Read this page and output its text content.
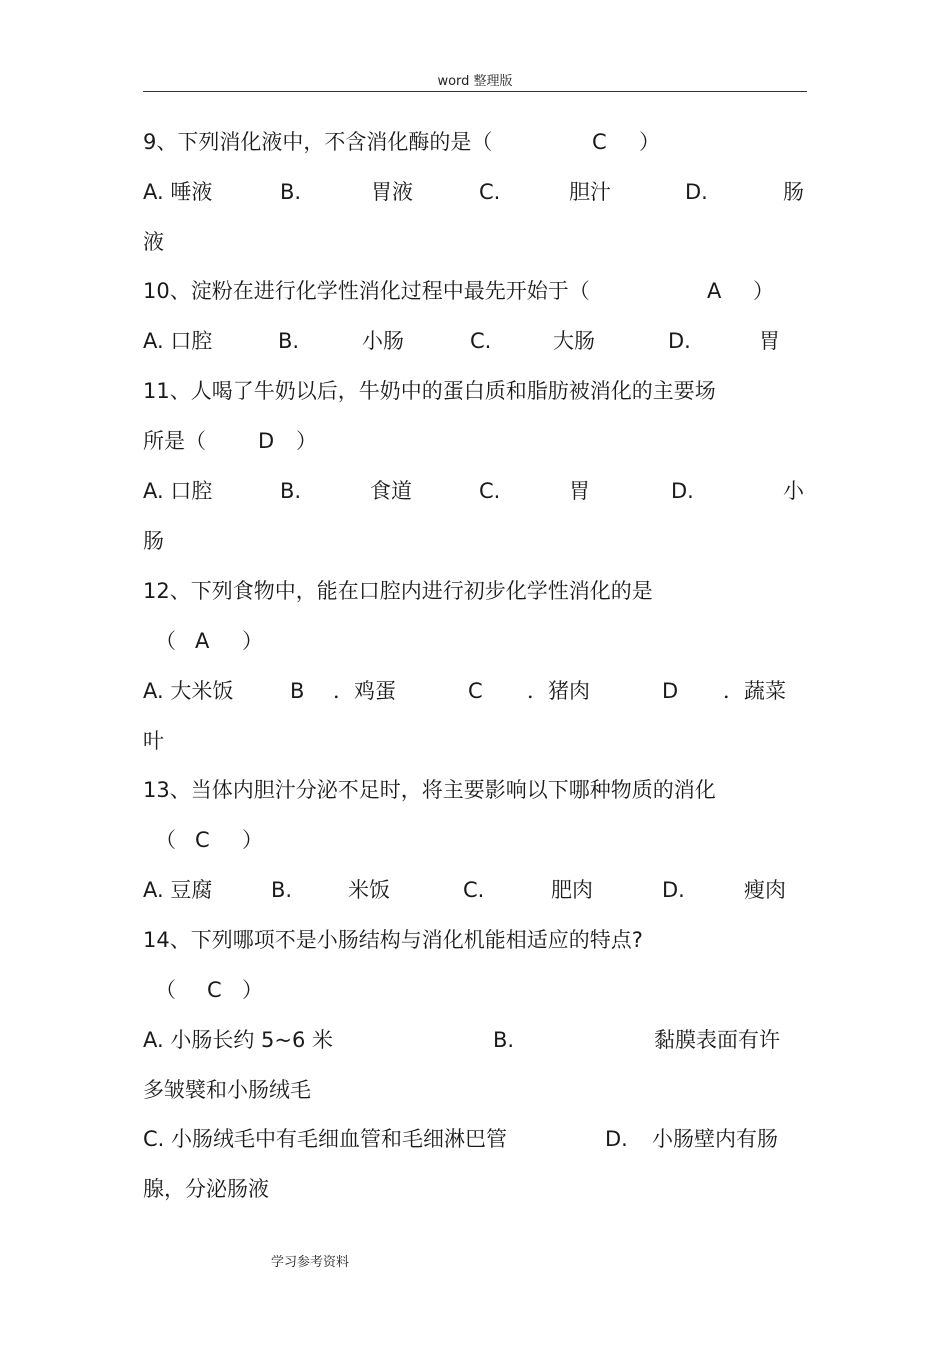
word 整理版
9、下列消化液中，不含消化酶的是（	C ）
A. 唾液	B.	胃液	C.	胆汁	D.	肠
液
10、淀粉在进行化学性消化过程中最先开始于（	A ）
A. 口腔	B.	小肠	C.	大肠	D.	胃
11、人喝了牛奶以后，牛奶中的蛋白质和脂肪被消化的主要场
所是（ D ）
A. 口腔	B.	食道	C.	胃	D.	小
肠
12、下列食物中，能在口腔内进行初步化学性消化的是
（ A ）
A. 大米饭	B ．鸡蛋	C ．猪肉	D ．蔬菜
叶
13、当体内胆汁分泌不足时，将主要影响以下哪种物质的消化
（ C ）
A. 豆腐	B.	米饭	C.	肥肉	D.	瘦肉
14、下列哪项不是小肠结构与消化机能相适应的特点?
（ C ）
A. 小肠长约 5~6 米	B.	黏膜表面有许
多皱襞和小肠绒毛
C. 小肠绒毛中有毛细血管和毛细淋巴管	D. 小肠壁内有肠
腺，分泌肠液
学习参考资料
